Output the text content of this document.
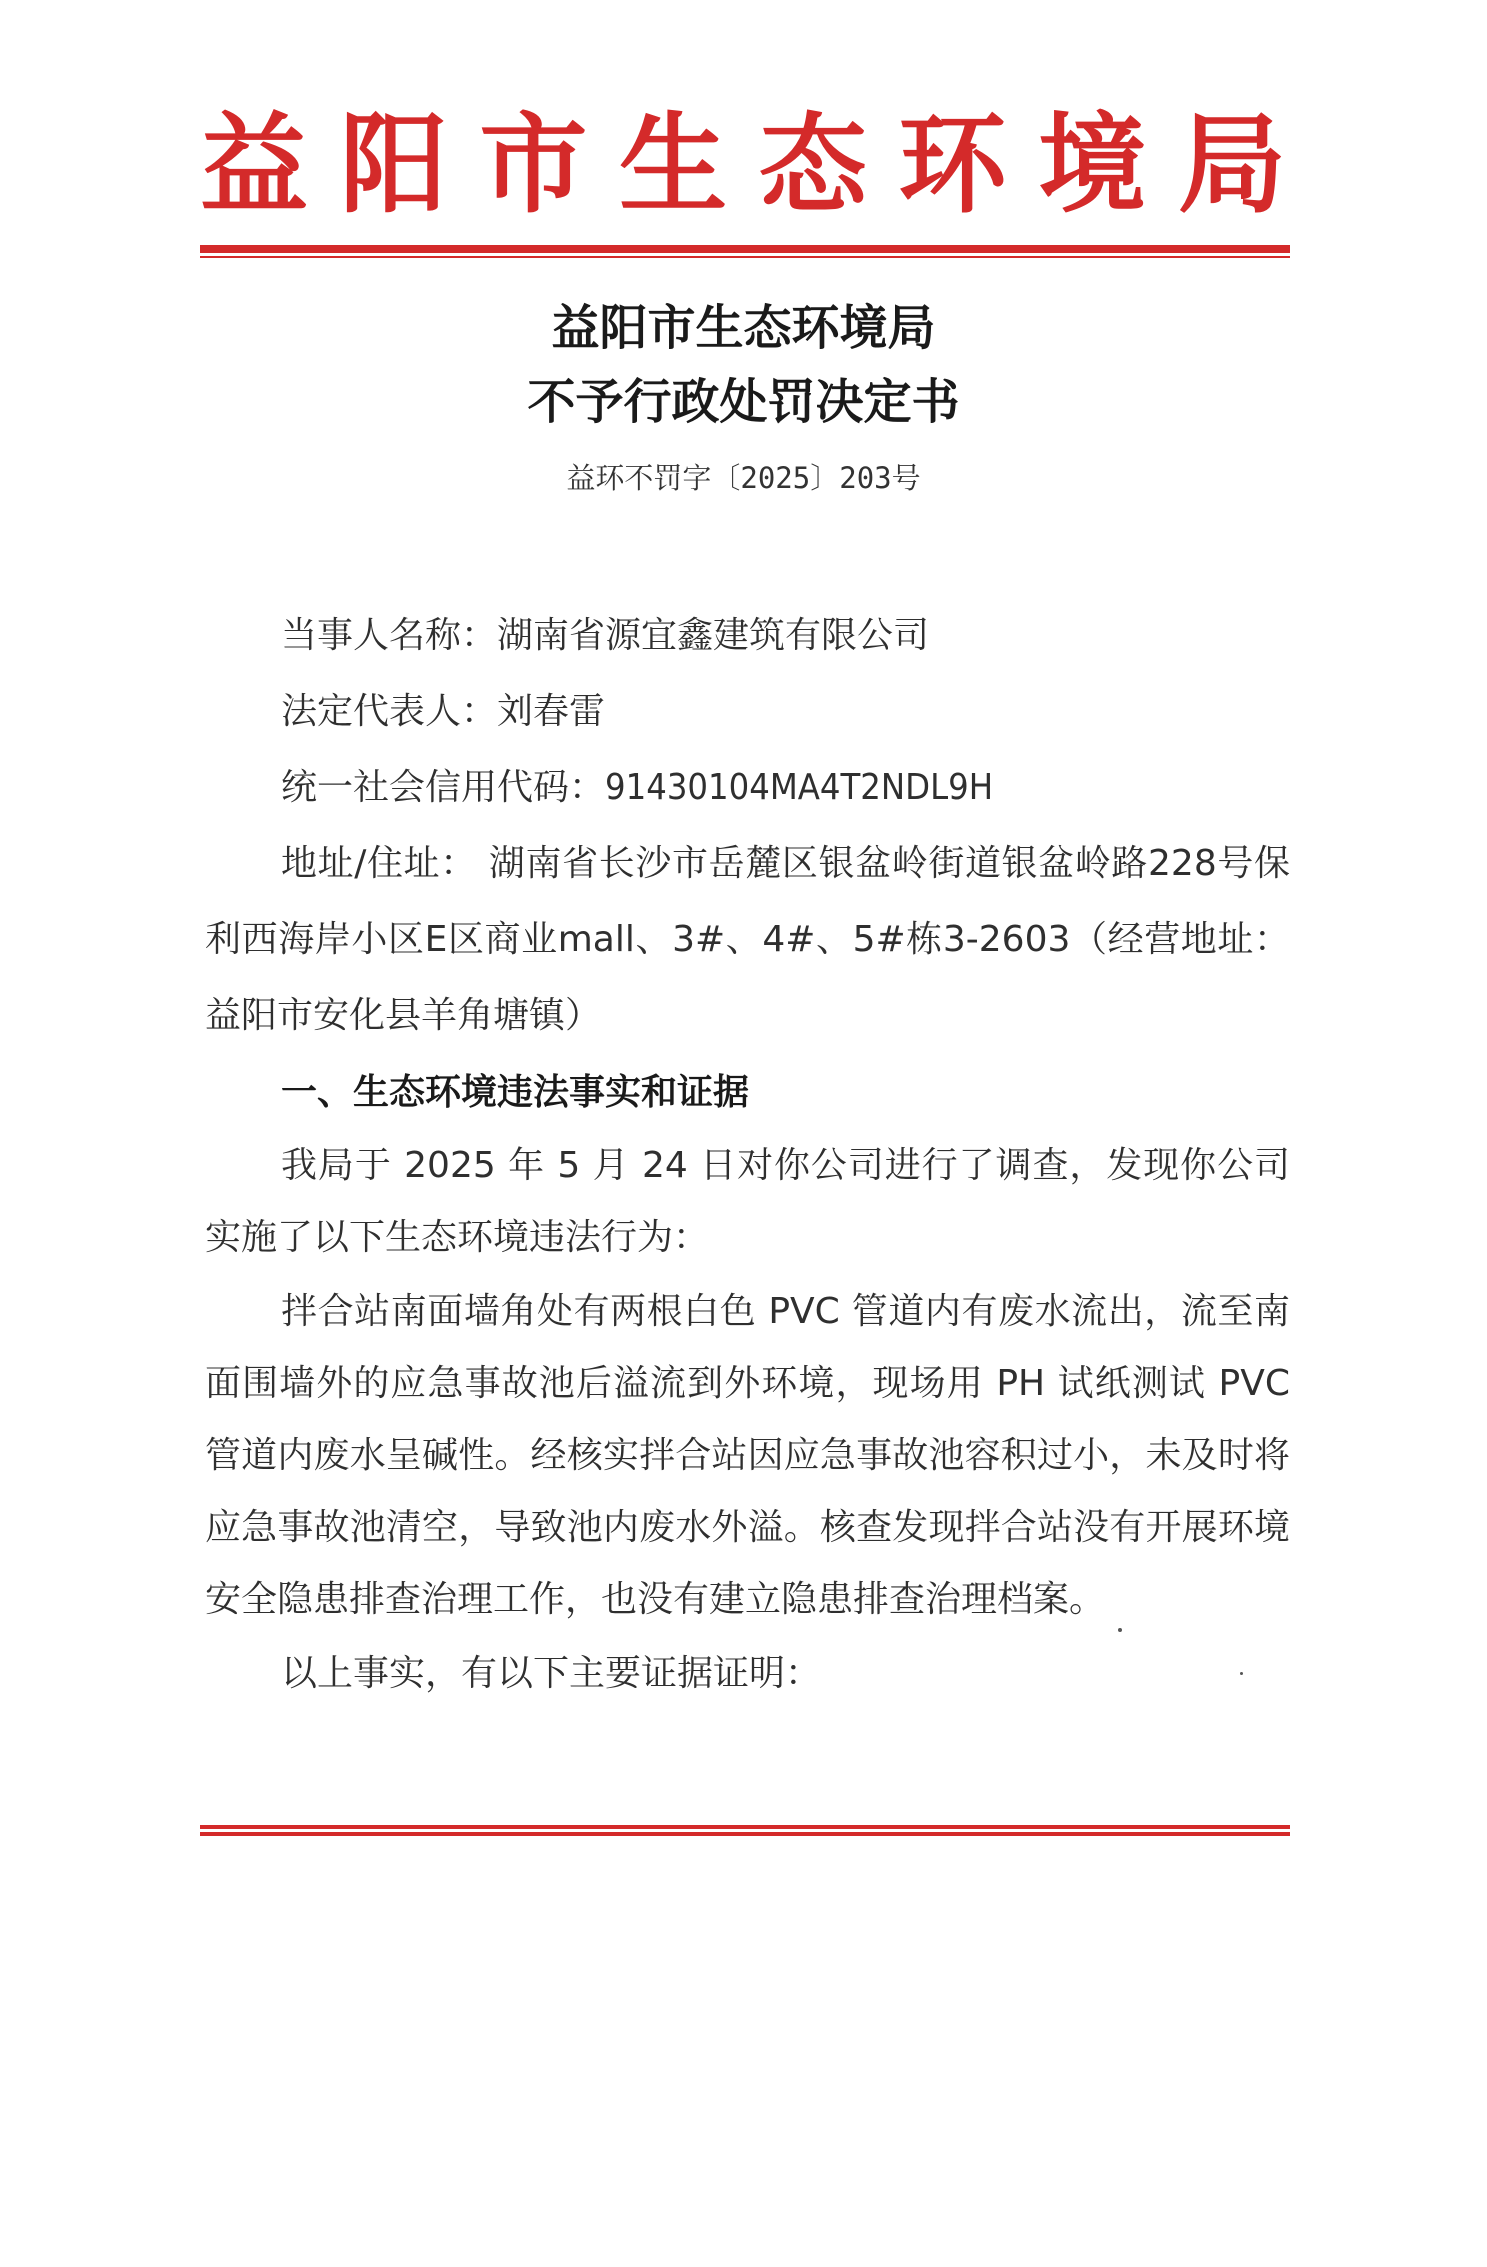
益阳市生态环境局
益阳市生态环境局
不予行政处罚决定书
益环不罚字〔2025〕203号
当事人名称：湖南省源宜鑫建筑有限公司
法定代表人：刘春雷
统一社会信用代码：91430104MA4T2NDL9H
地址/住址： 湖南省长沙市岳麓区银盆岭街道银盆岭路228号保利西海岸小区E区商业mall、3#、4#、5#栋3-2603（经营地址：益阳市安化县羊角塘镇）
一、生态环境违法事实和证据
我局于 2025 年 5 月 24 日对你公司进行了调查，发现你公司实施了以下生态环境违法行为：
拌合站南面墙角处有两根白色 PVC 管道内有废水流出，流至南面围墙外的应急事故池后溢流到外环境，现场用 PH 试纸测试 PVC 管道内废水呈碱性。经核实拌合站因应急事故池容积过小，未及时将应急事故池清空，导致池内废水外溢。核查发现拌合站没有开展环境安全隐患排查治理工作，也没有建立隐患排查治理档案。
以上事实，有以下主要证据证明：
